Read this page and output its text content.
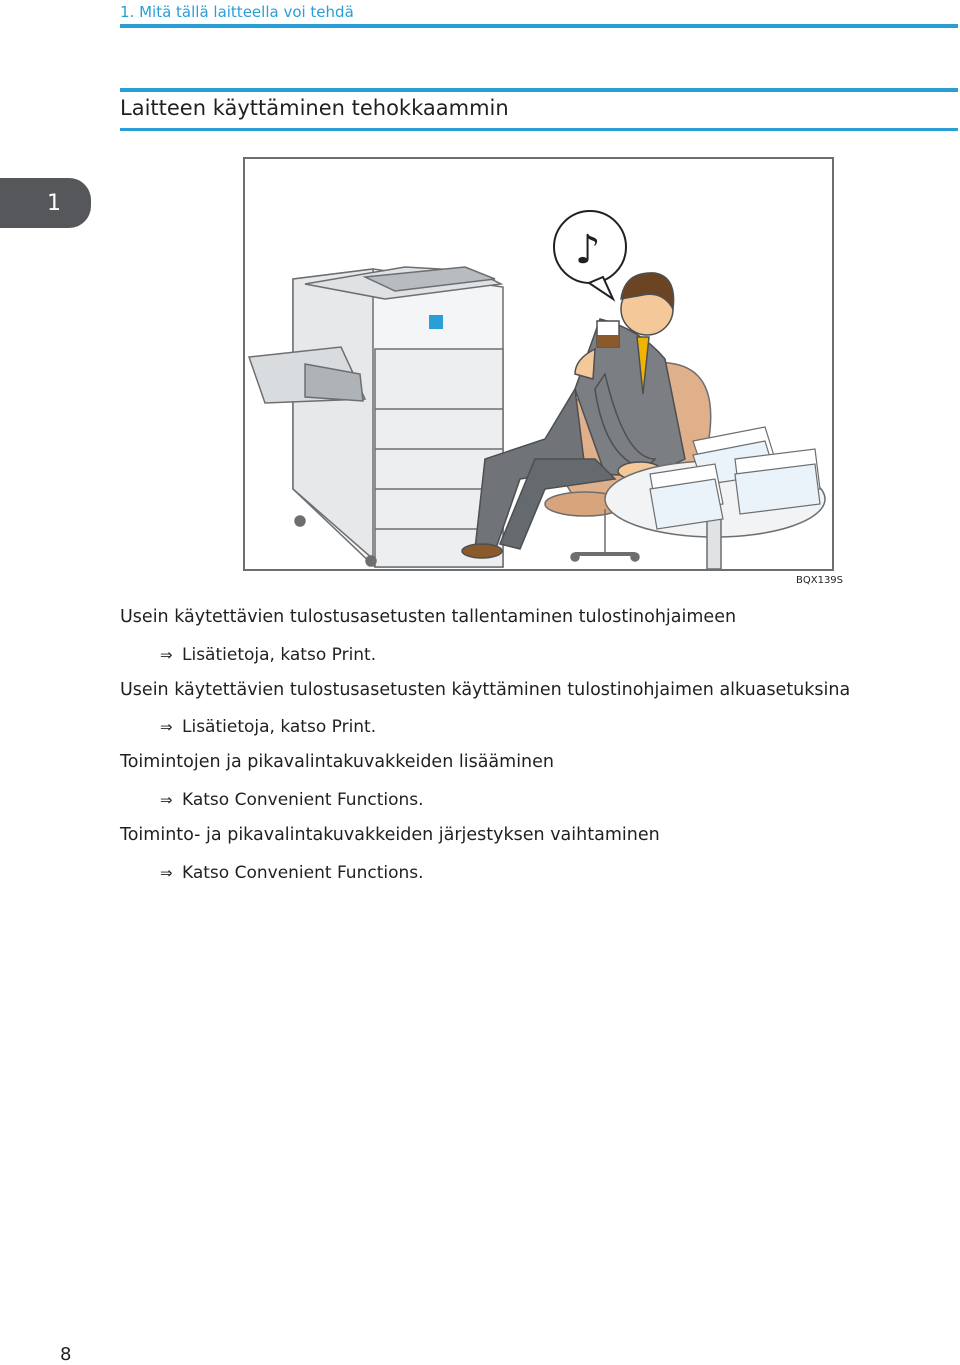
1. Mitä tällä laitteella voi tehdä
Laitteen käyttäminen tehokkaammin
1
♪
BQX139S
Usein käytettävien tulostusasetusten tallentaminen tulostinohjaimeen
⇒ Lisätietoja, katso Print.
Usein käytettävien tulostusasetusten käyttäminen tulostinohjaimen alkuasetuksina
⇒ Lisätietoja, katso Print.
Toimintojen ja pikavalintakuvakkeiden lisääminen
⇒ Katso Convenient Functions.
Toiminto- ja pikavalintakuvakkeiden järjestyksen vaihtaminen
⇒ Katso Convenient Functions.
8
